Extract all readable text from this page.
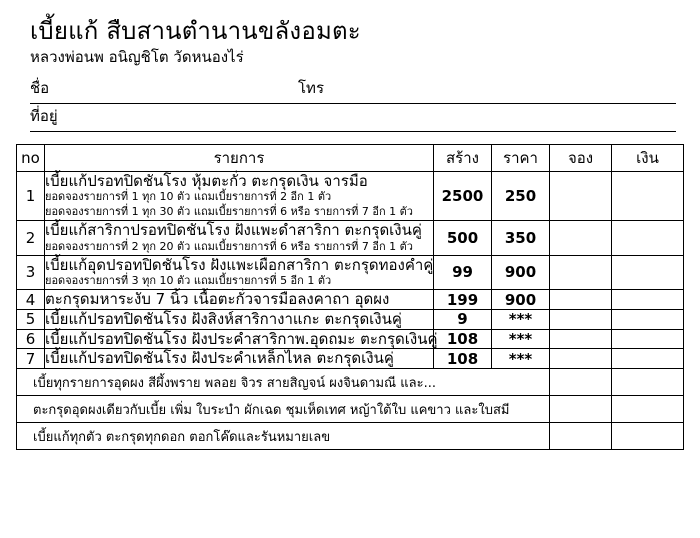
เบี้ยแก้ สืบสานตำนานขลังอมตะ
หลวงพ่อนพ อนิญชิโต วัดหนองไร่
ชื่อ	โทร
ที่อยู่
no	รายการ	สร้าง	ราคา	จอง	เงิน
1	เบี้ยแก้ปรอทปิดชันโรง หุ้มตะกั่ว ตะกรุดเงิน จารมือ
ยอดจองรายการที่ 1 ทุก 10 ตัว แถมเบี้ยรายการที่ 2 อีก 1 ตัว
ยอดจองรายการที่ 1 ทุก 30 ตัว แถมเบี้ยรายการที่ 6 หรือ รายการที่ 7 อีก 1 ตัว	2500	250		
2	เบี้ยแก้สาริกาปรอทปิดชันโรง ฝังแพะดำสาริกา ตะกรุดเงินคู่
ยอดจองรายการที่ 2 ทุก 20 ตัว แถมเบี้ยรายการที่ 6 หรือ รายการที่ 7 อีก 1 ตัว	500	350		
3	เบี้ยแก้อุดปรอทปิดชันโรง ฝังแพะเผือกสาริกา ตะกรุดทองคำคู่
ยอดจองรายการที่ 3 ทุก 10 ตัว แถมเบี้ยรายการที่ 5 อีก 1 ตัว	99	900		
4	ตะกรุดมหาระงับ 7 นิ้ว เนื้อตะกั่วจารมือลงคาถา อุดผง	199	900		
5	เบี้ยแก้ปรอทปิดชันโรง ฝังสิงห์สาริกางาแกะ ตะกรุดเงินคู่	9	***		
6	เบี้ยแก้ปรอทปิดชันโรง ฝังประคำสาริกาพ.อุดถมะ ตะกรุดเงินคู่	108	***		
7	เบี้ยแก้ปรอทปิดชันโรง ฝังประคำเหล็กไหล ตะกรุดเงินคู่	108	***		

เบี้ยทุกรายการอุดผง สีผึ้งพราย พลอย จิวร สายสิญจน์ ผงจินดามณี และ...					

ตะกรุดอุดผงเดียวกับเบี้ย เพิ่ม ใบระบำ ผักเฉด ชุมเห็ดเทศ หญ้าใต้ใบ แคขาว และใบสมี					

เบี้ยแก้ทุกตัว ตะกรุดทุกดอก ตอกโค๊ดและรันหมายเลข					
